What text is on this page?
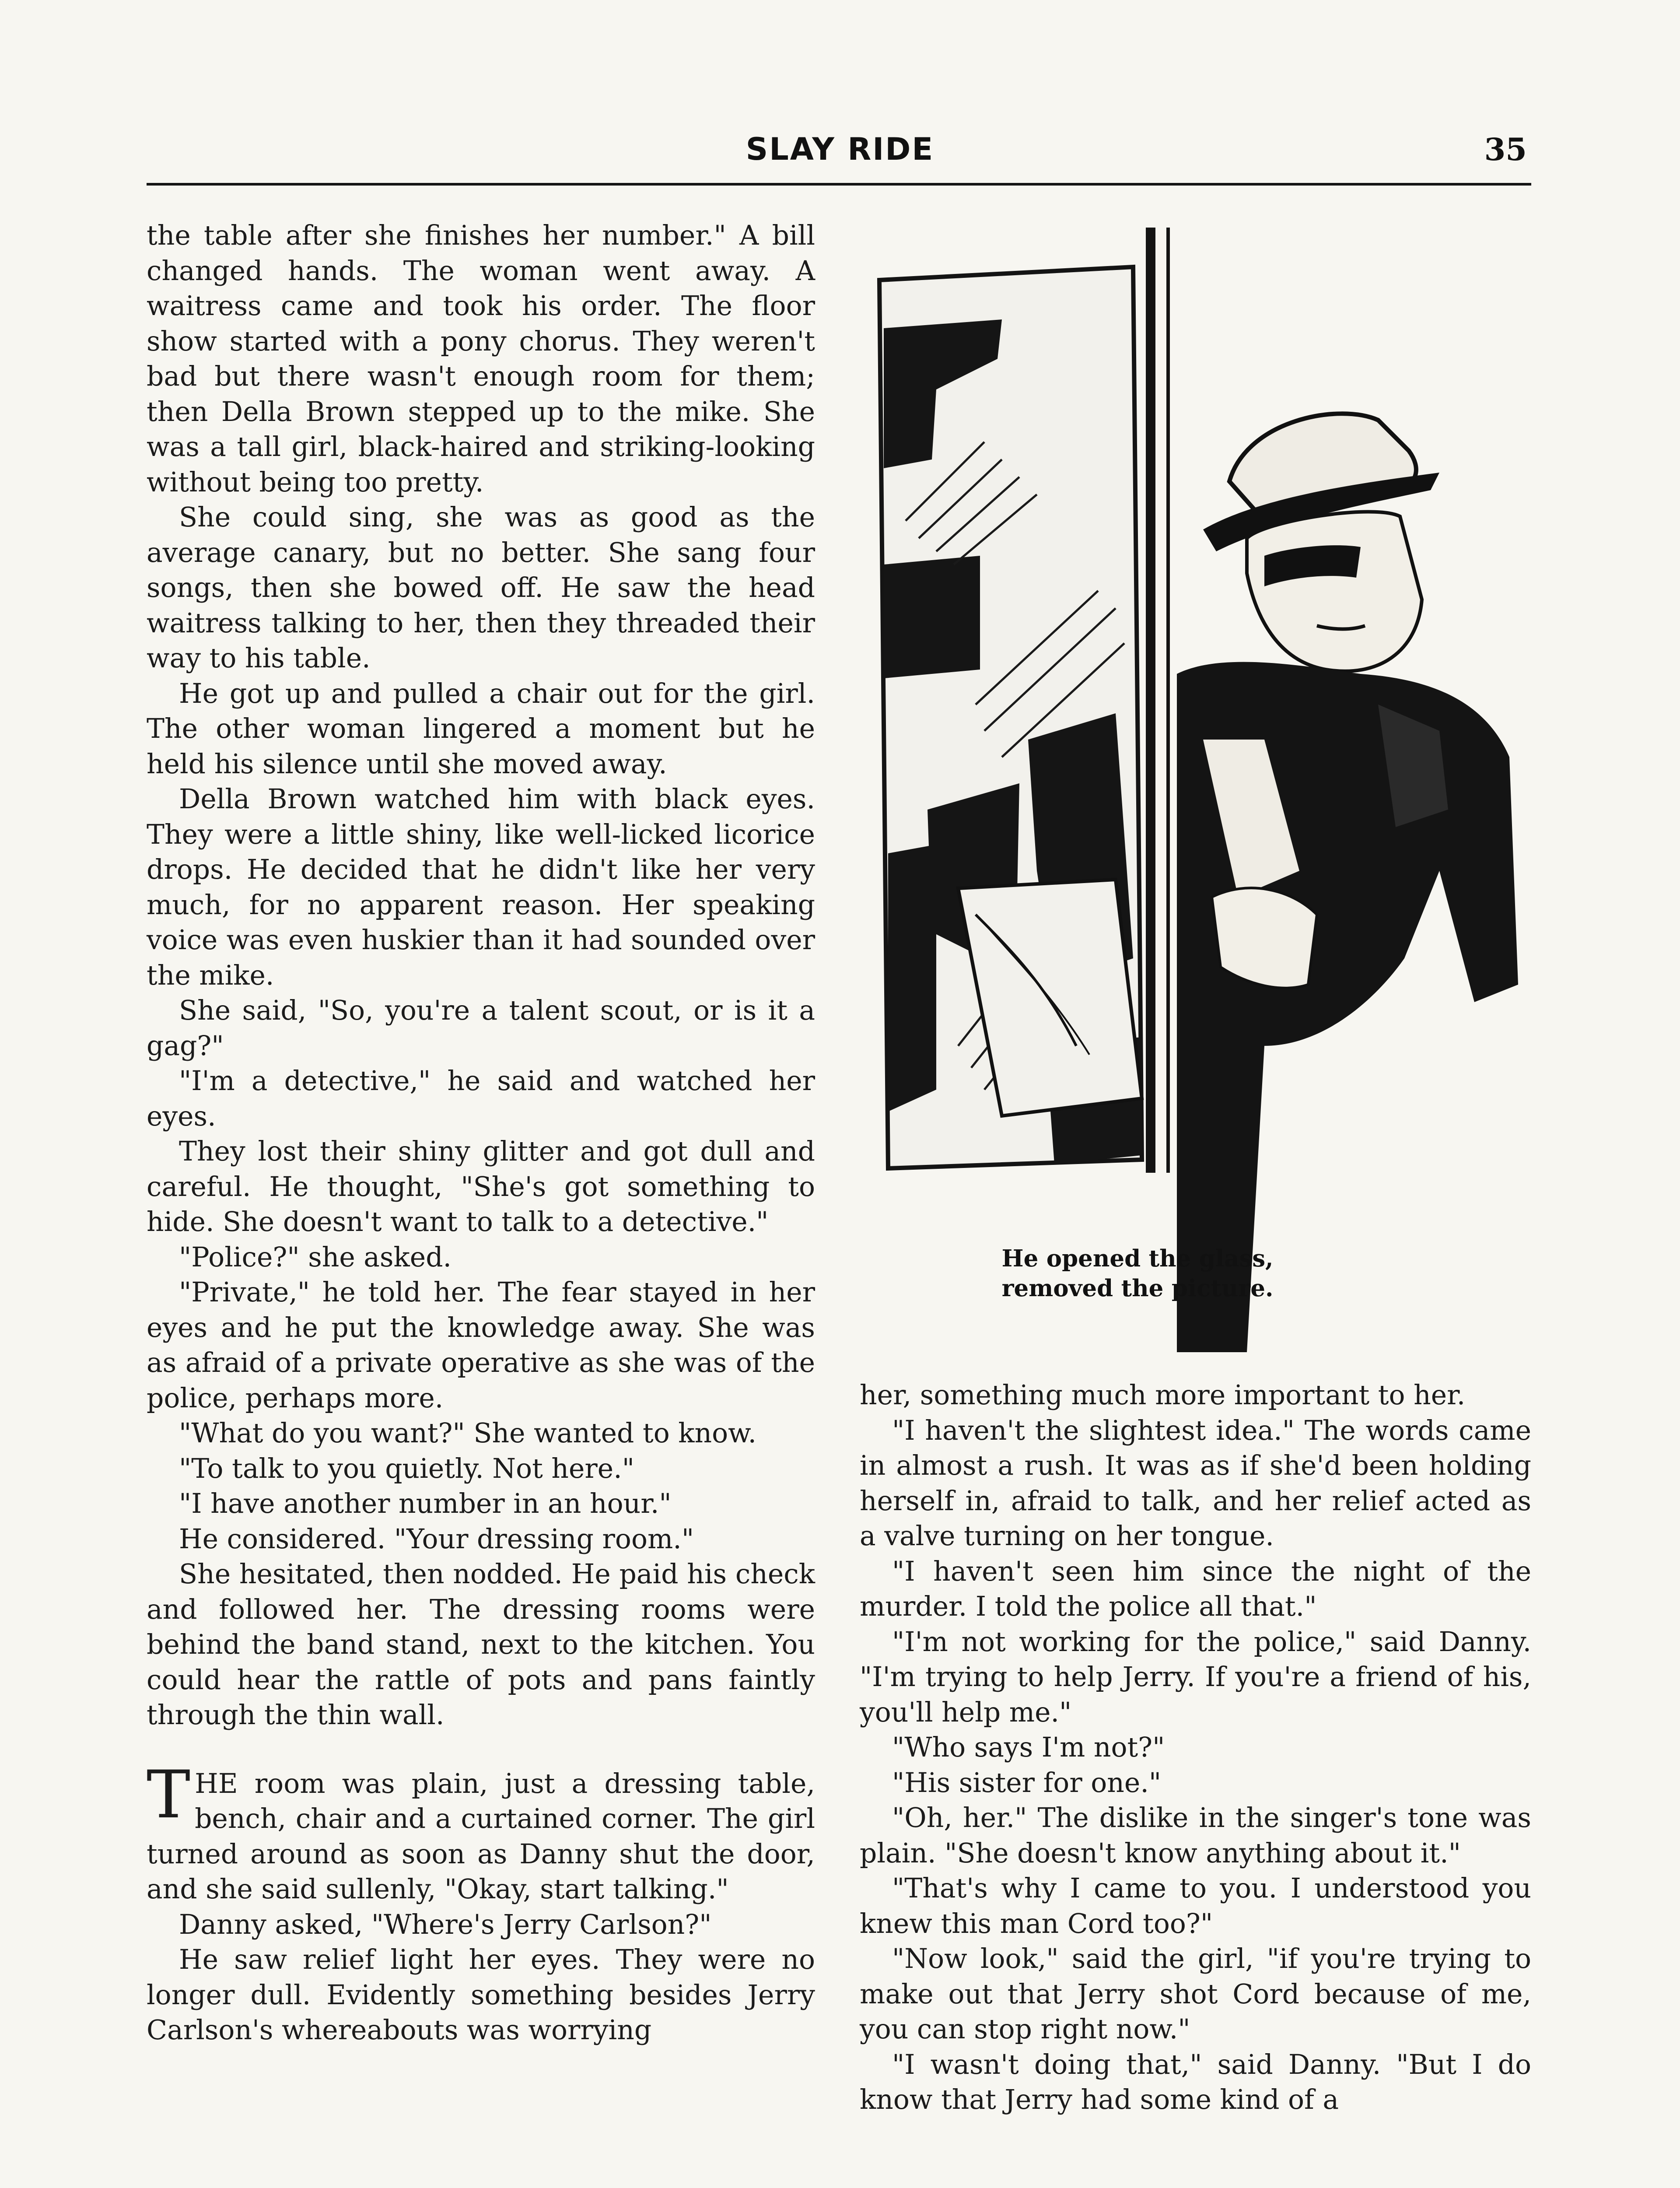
SLAY RIDE	35

the table after she finishes her number." A bill changed hands. The woman went away. A waitress came and took his order. The floor show started with a pony chorus. They weren't bad but there wasn't enough room for them; then Della Brown stepped up to the mike. She was a tall girl, black-haired and striking-looking without being too pretty.

She could sing, she was as good as the average canary, but no better. She sang four songs, then she bowed off. He saw the head waitress talking to her, then they threaded their way to his table.

He got up and pulled a chair out for the girl. The other woman lingered a moment but he held his silence until she moved away.

Della Brown watched him with black eyes. They were a little shiny, like well-licked licorice drops. He decided that he didn't like her very much, for no apparent reason. Her speaking voice was even huskier than it had sounded over the mike.

She said, "So, you're a talent scout, or is it a gag?"

"I'm a detective," he said and watched her eyes.

They lost their shiny glitter and got dull and careful. He thought, "She's got something to hide. She doesn't want to talk to a detective."

"Police?" she asked.

"Private," he told her. The fear stayed in her eyes and he put the knowledge away. She was as afraid of a private operative as she was of the police, perhaps more.

"What do you want?" She wanted to know.

"To talk to you quietly. Not here."

"I have another number in an hour."

He considered. "Your dressing room."

She hesitated, then nodded. He paid his check and followed her. The dressing rooms were behind the band stand, next to the kitchen. You could hear the rattle of pots and pans faintly through the thin wall.

THE room was plain, just a dressing table, bench, chair and a curtained corner. The girl turned around as soon as Danny shut the door, and she said sullenly, "Okay, start talking."

Danny asked, "Where's Jerry Carlson?"

He saw relief light her eyes. They were no longer dull. Evidently something besides Jerry Carlson's whereabouts was worrying

He opened the glass,
removed the picture.

her, something much more important to her.

"I haven't the slightest idea." The words came in almost a rush. It was as if she'd been holding herself in, afraid to talk, and her relief acted as a valve turning on her tongue.

"I haven't seen him since the night of the murder. I told the police all that."

"I'm not working for the police," said Danny. "I'm trying to help Jerry. If you're a friend of his, you'll help me."

"Who says I'm not?"

"His sister for one."

"Oh, her." The dislike in the singer's tone was plain. "She doesn't know anything about it."

"That's why I came to you. I understood you knew this man Cord too?"

"Now look," said the girl, "if you're trying to make out that Jerry shot Cord because of me, you can stop right now."

"I wasn't doing that," said Danny. "But I do know that Jerry had some kind of a
